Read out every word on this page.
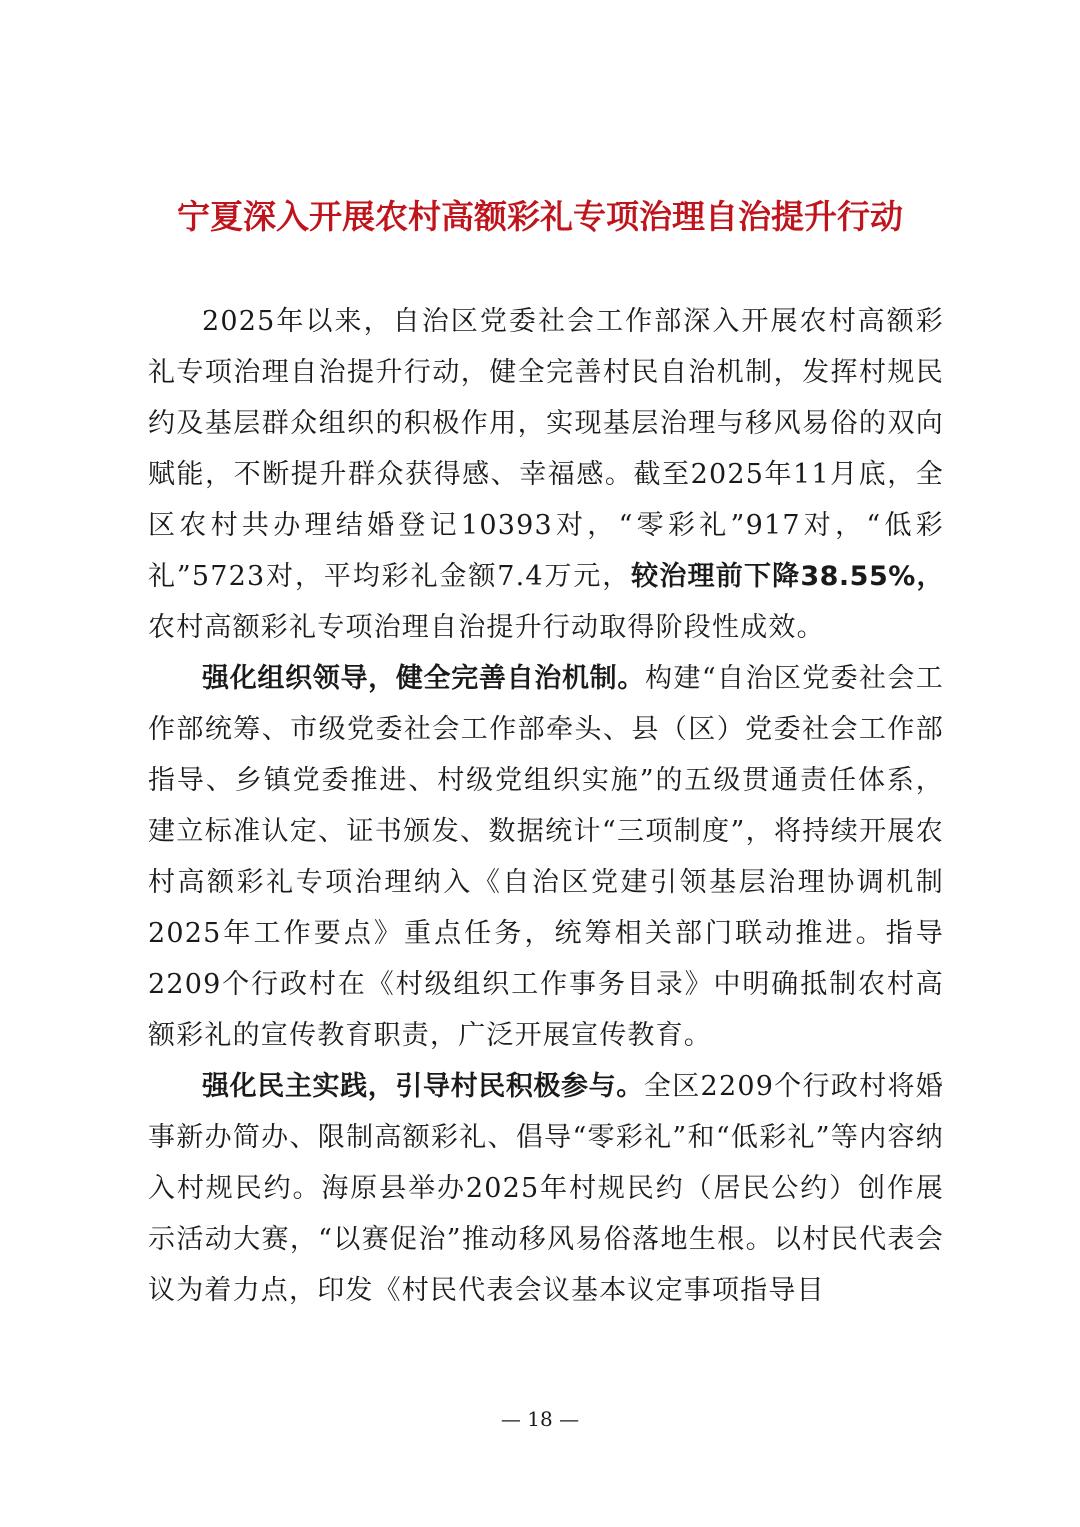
宁夏深入开展农村高额彩礼专项治理自治提升行动

2025年以来，自治区党委社会工作部深入开展农村高额彩礼专项治理自治提升行动，健全完善村民自治机制，发挥村规民约及基层群众组织的积极作用，实现基层治理与移风易俗的双向赋能，不断提升群众获得感、幸福感。截至2025年11月底，全区农村共办理结婚登记10393对，“零彩礼”917对，“低彩礼”5723对，平均彩礼金额7.4万元，较治理前下降38.55%，农村高额彩礼专项治理自治提升行动取得阶段性成效。

强化组织领导，健全完善自治机制。构建“自治区党委社会工作部统筹、市级党委社会工作部牵头、县（区）党委社会工作部指导、乡镇党委推进、村级党组织实施”的五级贯通责任体系，建立标准认定、证书颁发、数据统计“三项制度”，将持续开展农村高额彩礼专项治理纳入《自治区党建引领基层治理协调机制2025年工作要点》重点任务，统筹相关部门联动推进。指导2209个行政村在《村级组织工作事务目录》中明确抵制农村高额彩礼的宣传教育职责，广泛开展宣传教育。

强化民主实践，引导村民积极参与。全区2209个行政村将婚事新办简办、限制高额彩礼、倡导“零彩礼”和“低彩礼”等内容纳入村规民约。海原县举办2025年村规民约（居民公约）创作展示活动大赛，“以赛促治”推动移风易俗落地生根。以村民代表会议为着力点，印发《村民代表会议基本议定事项指导目

— 18 —
